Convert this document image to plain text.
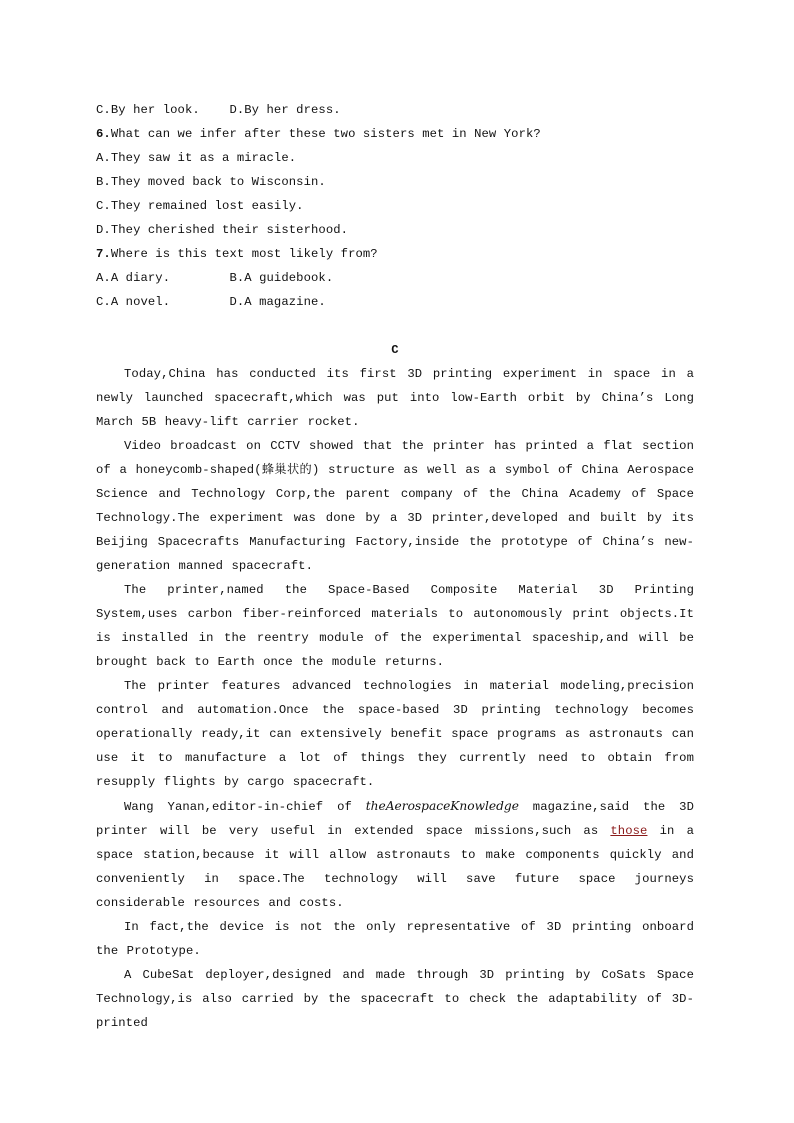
C.By her look.    D.By her dress.
6.What can we infer after these two sisters met in New York?
A.They saw it as a miracle.
B.They moved back to Wisconsin.
C.They remained lost easily.
D.They cherished their sisterhood.
7.Where is this text most likely from?
A.A diary.        B.A guidebook.
C.A novel.        D.A magazine.
C
Today,China has conducted its first 3D printing experiment in space in a newly launched spacecraft,which was put into low-Earth orbit by China’s Long March 5B heavy-lift carrier rocket.
Video broadcast on CCTV showed that the printer has printed a flat section of a honeycomb-shaped(蜂巢状的) structure as well as a symbol of China Aerospace Science and Technology Corp,the parent company of the China Academy of Space Technology.The experiment was done by a 3D printer,developed and built by its Beijing Spacecrafts Manufacturing Factory,inside the prototype of China’s new-generation manned spacecraft.
The printer,named the Space-Based Composite Material 3D Printing System,uses carbon fiber-reinforced materials to autonomously print objects.It is installed in the reentry module of the experimental spaceship,and will be brought back to Earth once the module returns.
The printer features advanced technologies in material modeling,precision control and automation.Once the space-based 3D printing technology becomes operationally ready,it can extensively benefit space programs as astronauts can use it to manufacture a lot of things they currently need to obtain from resupply flights by cargo spacecraft.
Wang Yanan,editor-in-chief of theAerospaceKnowledge magazine,said the 3D printer will be very useful in extended space missions,such as those in a space station,because it will allow astronauts to make components quickly and conveniently in space.The technology will save future space journeys considerable resources and costs.
In fact,the device is not the only representative of 3D printing onboard the Prototype.
A CubeSat deployer,designed and made through 3D printing by CoSats Space Technology,is also carried by the spacecraft to check the adaptability of 3D-printed
